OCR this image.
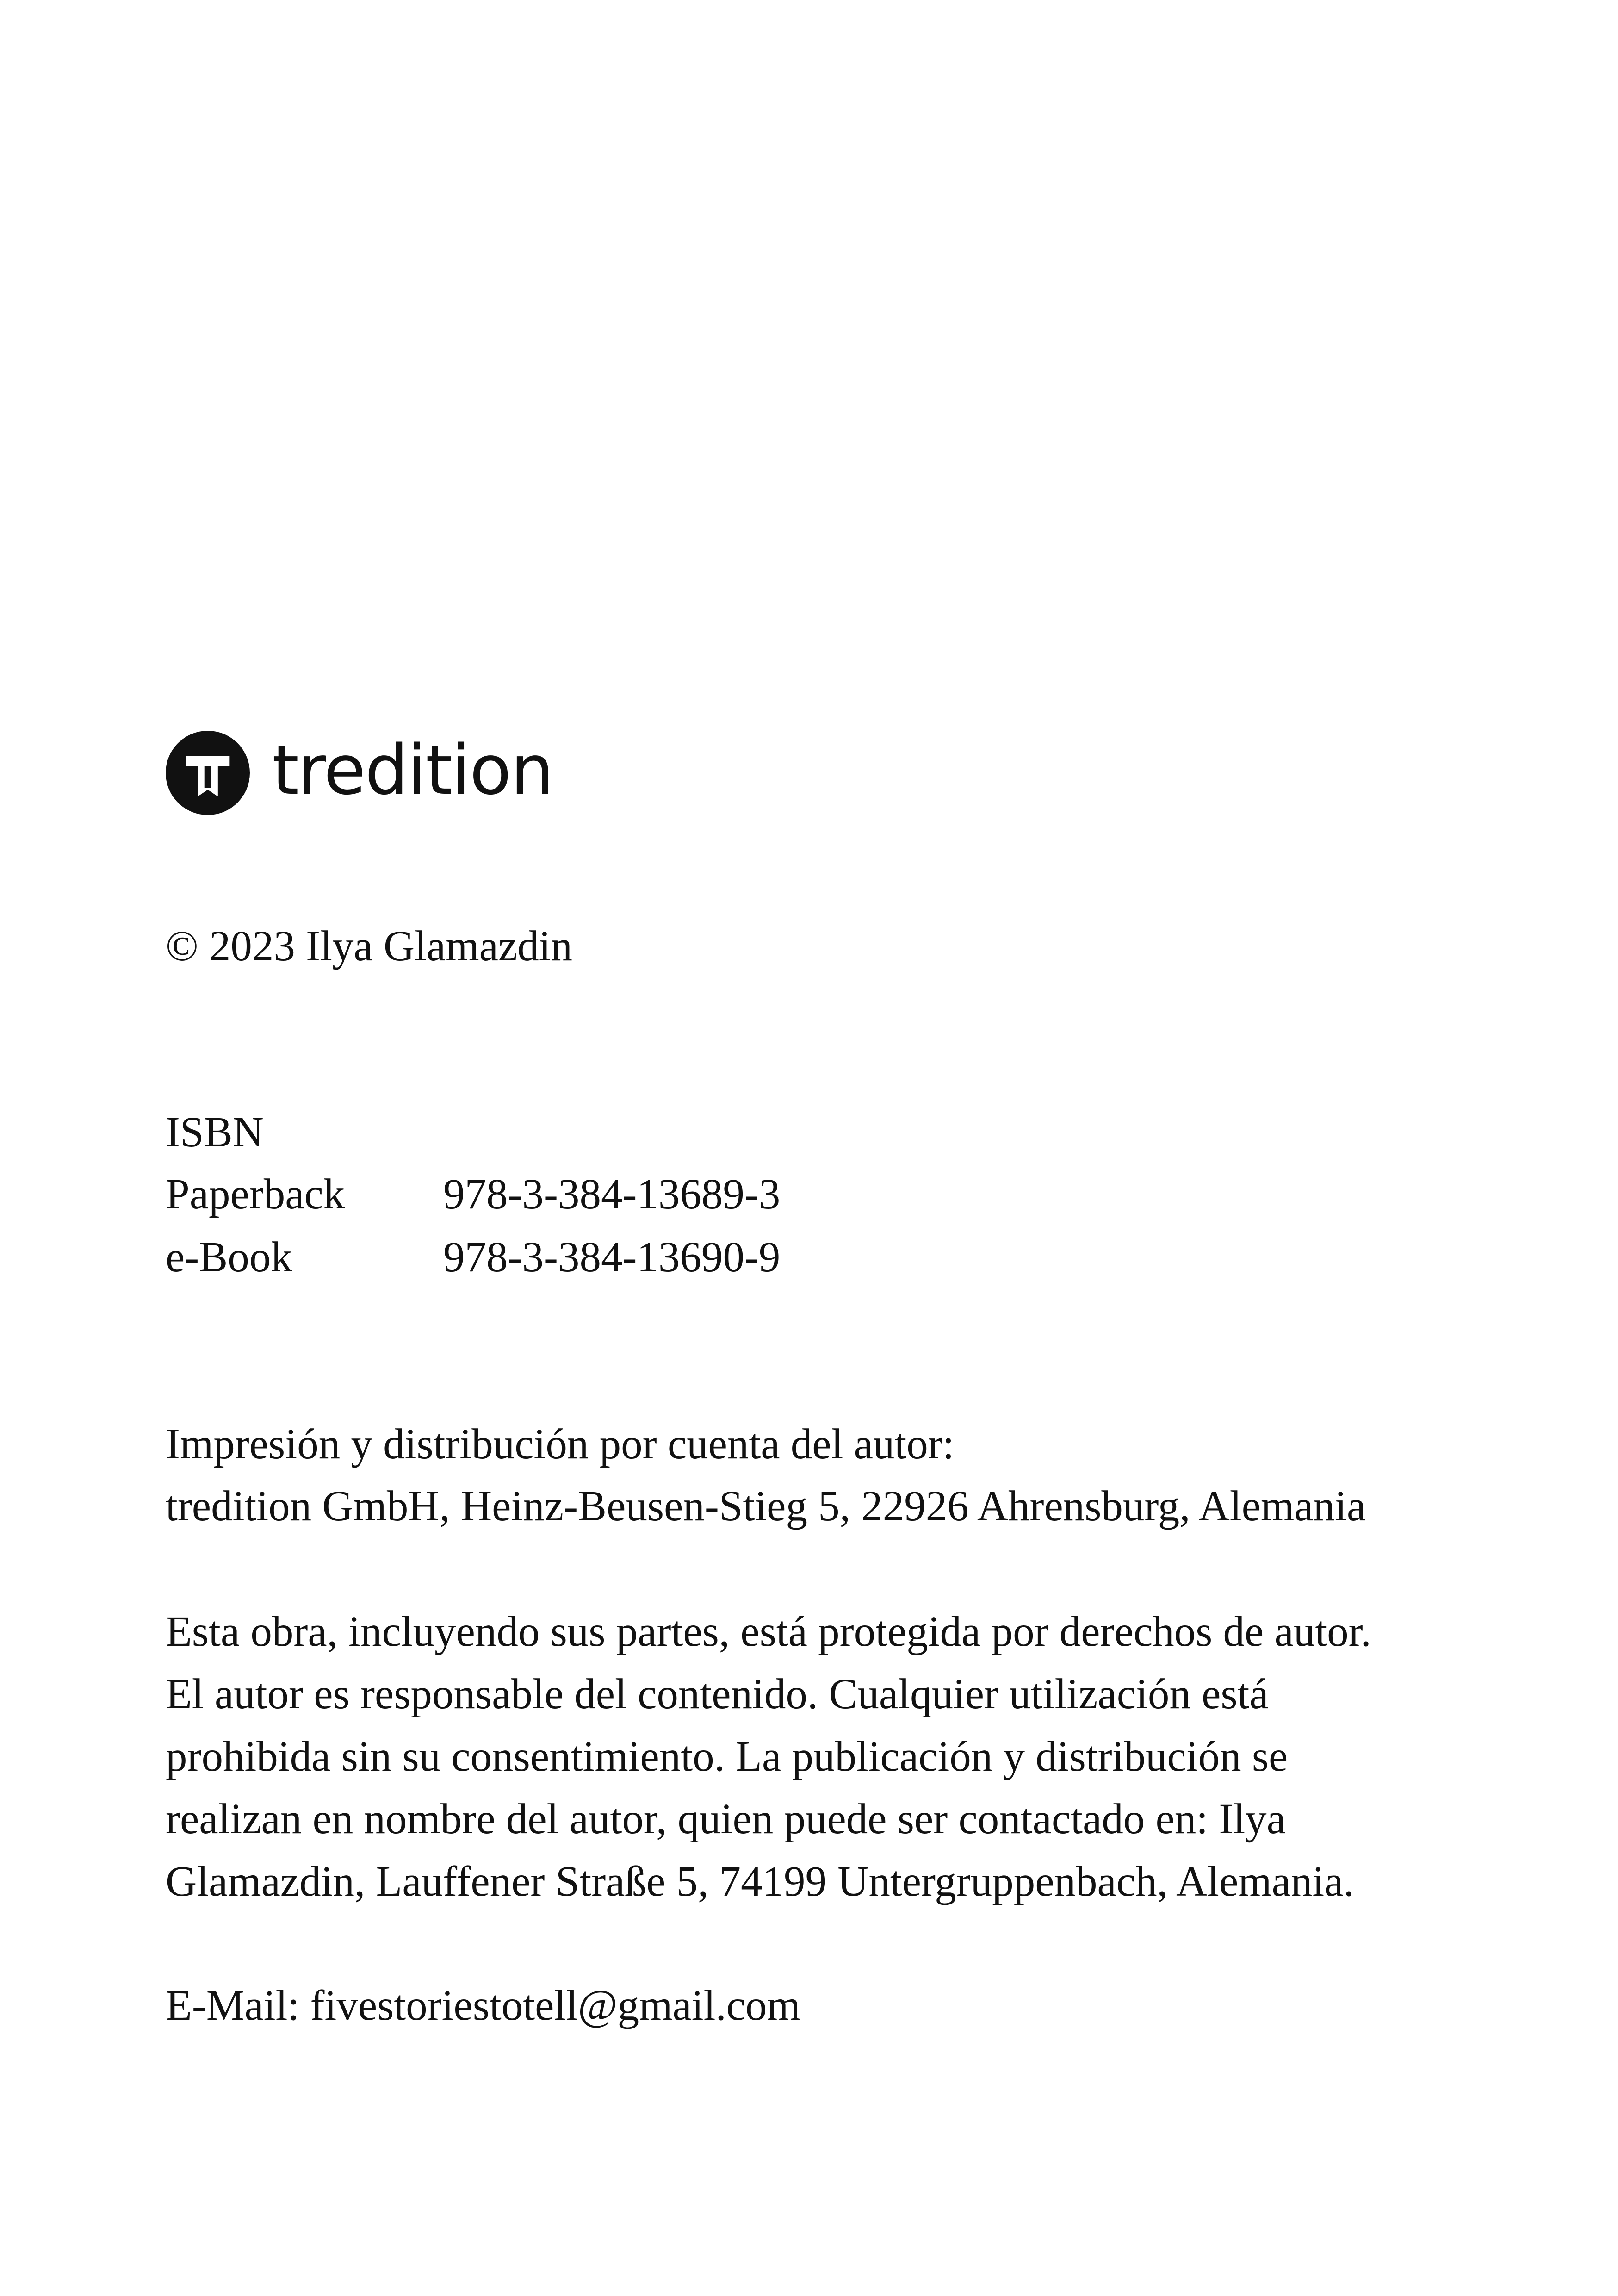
tredition
© 2023 Ilya Glamazdin
ISBN
Paperback 978-3-384-13689-3
e-Book	978-3-384-13690-9
Impresión y distribución por cuenta del autor:
tredition GmbH, Heinz-Beusen-Stieg 5, 22926 Ahrensburg, Alemania
Esta obra, incluyendo sus partes, está protegida por derechos de autor.
El autor es responsable del contenido. Cualquier utilización está
prohibida sin su consentimiento. La publicación y distribución se
realizan en nombre del autor, quien puede ser contactado en: Ilya
Glamazdin, Lauffener Straße 5, 74199 Untergruppenbach, Alemania.
E-Mail: fivestoriestotell@gmail.com
